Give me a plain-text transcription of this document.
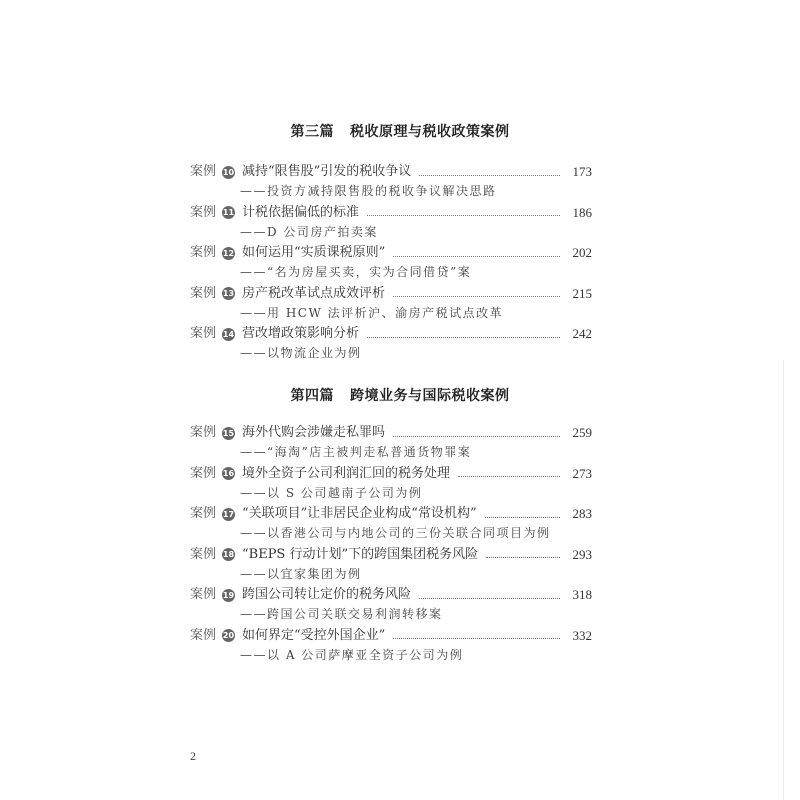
第三篇 税收原理与税收政策案例
案例 10 减持“限售股”引发的税收争议	173
——投资方减持限售股的税收争议解决思路
案例 11 计税依据偏低的标准	186
——D 公司房产拍卖案
案例 12 如何运用“实质课税原则”	202
——“名为房屋买卖，实为合同借贷”案
案例 13 房产税改革试点成效评析	215
——用 HCW 法评析沪、渝房产税试点改革
案例 14 营改增政策影响分析	242
——以物流企业为例
第四篇 跨境业务与国际税收案例
案例 15 海外代购会涉嫌走私罪吗	259
——“海淘”店主被判走私普通货物罪案
案例 16 境外全资子公司利润汇回的税务处理	273
——以 S 公司越南子公司为例
案例 17 “关联项目”让非居民企业构成“常设机构”	283
——以香港公司与内地公司的三份关联合同项目为例
案例 18 “BEPS 行动计划”下的跨国集团税务风险	293
——以宜家集团为例
案例 19 跨国公司转让定价的税务风险	318
——跨国公司关联交易利润转移案
案例 20 如何界定“受控外国企业”	332
——以 A 公司萨摩亚全资子公司为例
2
